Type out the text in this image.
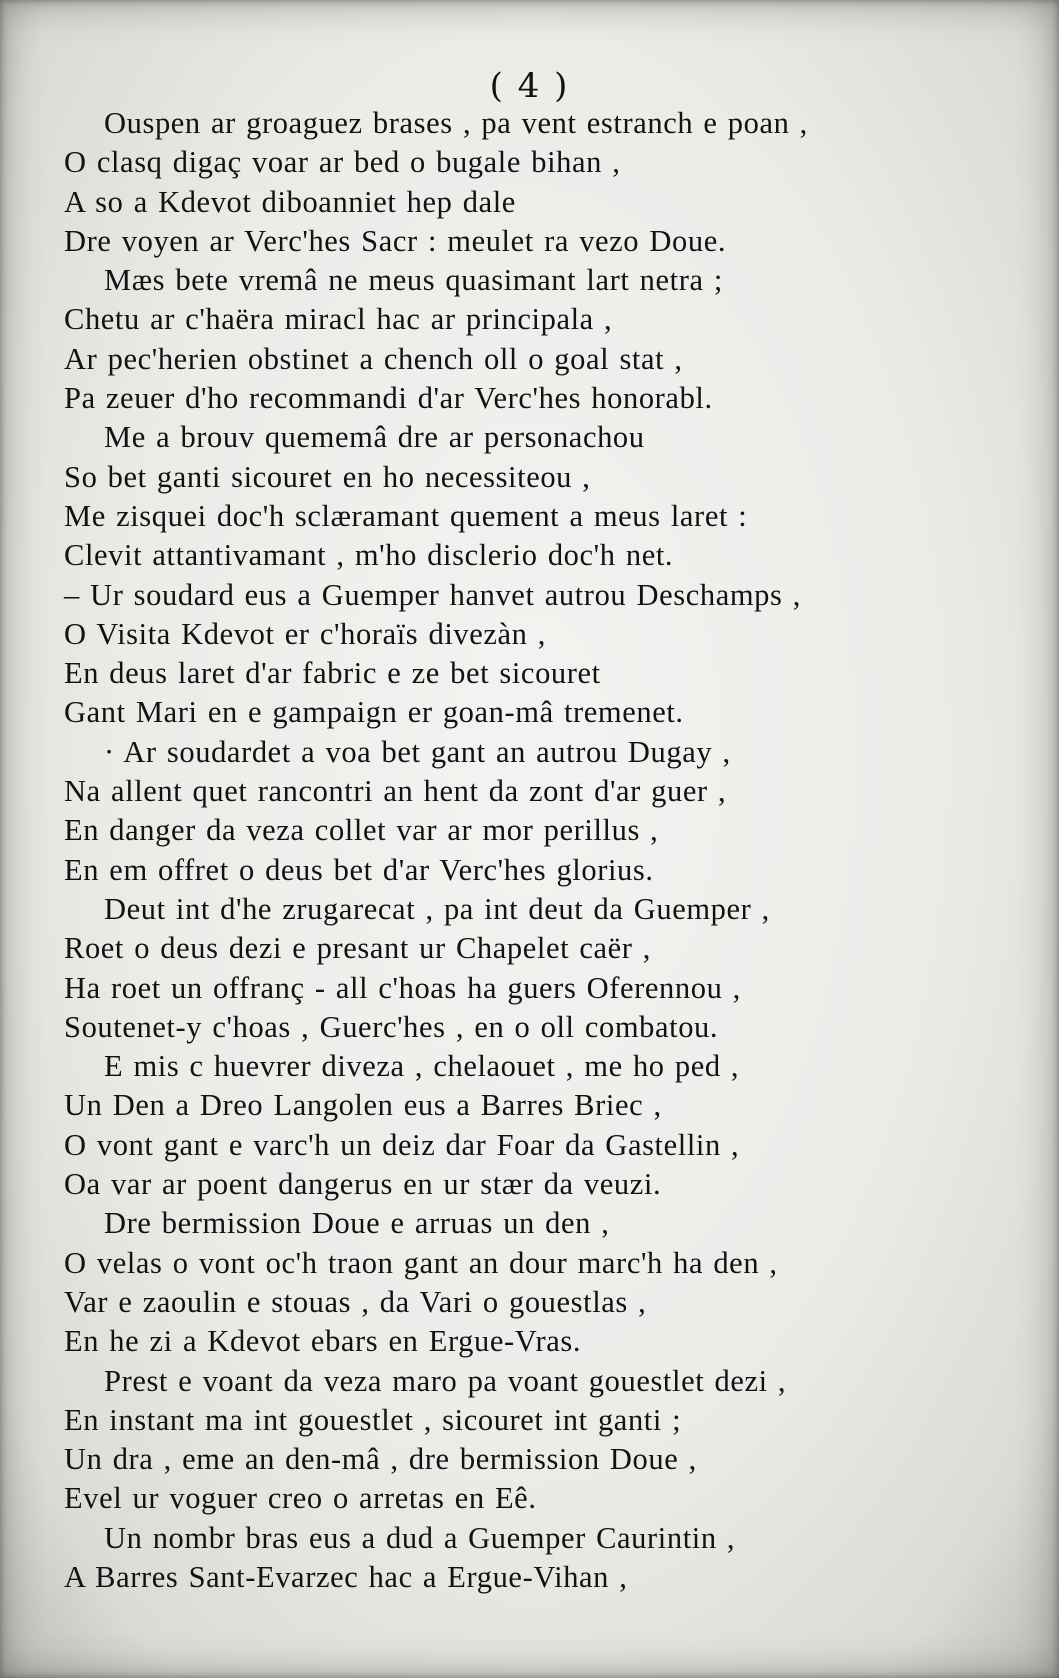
( 4 )
Ouspen ar groaguez brases , pa vent estranch e poan ,
O clasq digaç voar ar bed o bugale bihan ,
A so a Kdevot diboanniet hep dale
Dre voyen ar Verc'hes Sacr : meulet ra vezo Doue.
Mæs bete vremâ ne meus quasimant lart netra ;
Chetu ar c'haëra miracl hac ar principala ,
Ar pec'herien obstinet a chench oll o goal stat ,
Pa zeuer d'ho recommandi d'ar Verc'hes honorabl.
Me a brouv quememâ dre ar personachou
So bet ganti sicouret en ho necessiteou ,
Me zisquei doc'h sclæramant quement a meus laret :
Clevit attantivamant , m'ho disclerio doc'h net.
– Ur soudard eus a Guemper hanvet autrou Deschamps ,
O Visita Kdevot er c'horaïs divezàn ,
En deus laret d'ar fabric e ze bet sicouret
Gant Mari en e gampaign er goan-mâ tremenet.
· Ar soudardet a voa bet gant an autrou Dugay ,
Na allent quet rancontri an hent da zont d'ar guer ,
En danger da veza collet var ar mor perillus ,
En em offret o deus bet d'ar Verc'hes glorius.
Deut int d'he zrugarecat , pa int deut da Guemper ,
Roet o deus dezi e presant ur Chapelet caër ,
Ha roet un offranç - all c'hoas ha guers Oferennou ,
Soutenet-y c'hoas , Guerc'hes , en o oll combatou.
E mis c huevrer diveza , chelaouet , me ho ped ,
Un Den a Dreo Langolen eus a Barres Briec ,
O vont gant e varc'h un deiz dar Foar da Gastellin ,
Oa var ar poent dangerus en ur stær da veuzi.
Dre bermission Doue e arruas un den ,
O velas o vont oc'h traon gant an dour marc'h ha den ,
Var e zaoulin e stouas , da Vari o gouestlas ,
En he zi a Kdevot ebars en Ergue-Vras.
Prest e voant da veza maro pa voant gouestlet dezi ,
En instant ma int gouestlet , sicouret int ganti ;
Un dra , eme an den-mâ , dre bermission Doue ,
Evel ur voguer creo o arretas en Eê.
Un nombr bras eus a dud a Guemper Caurintin ,
A Barres Sant-Evarzec hac a Ergue-Vihan ,
